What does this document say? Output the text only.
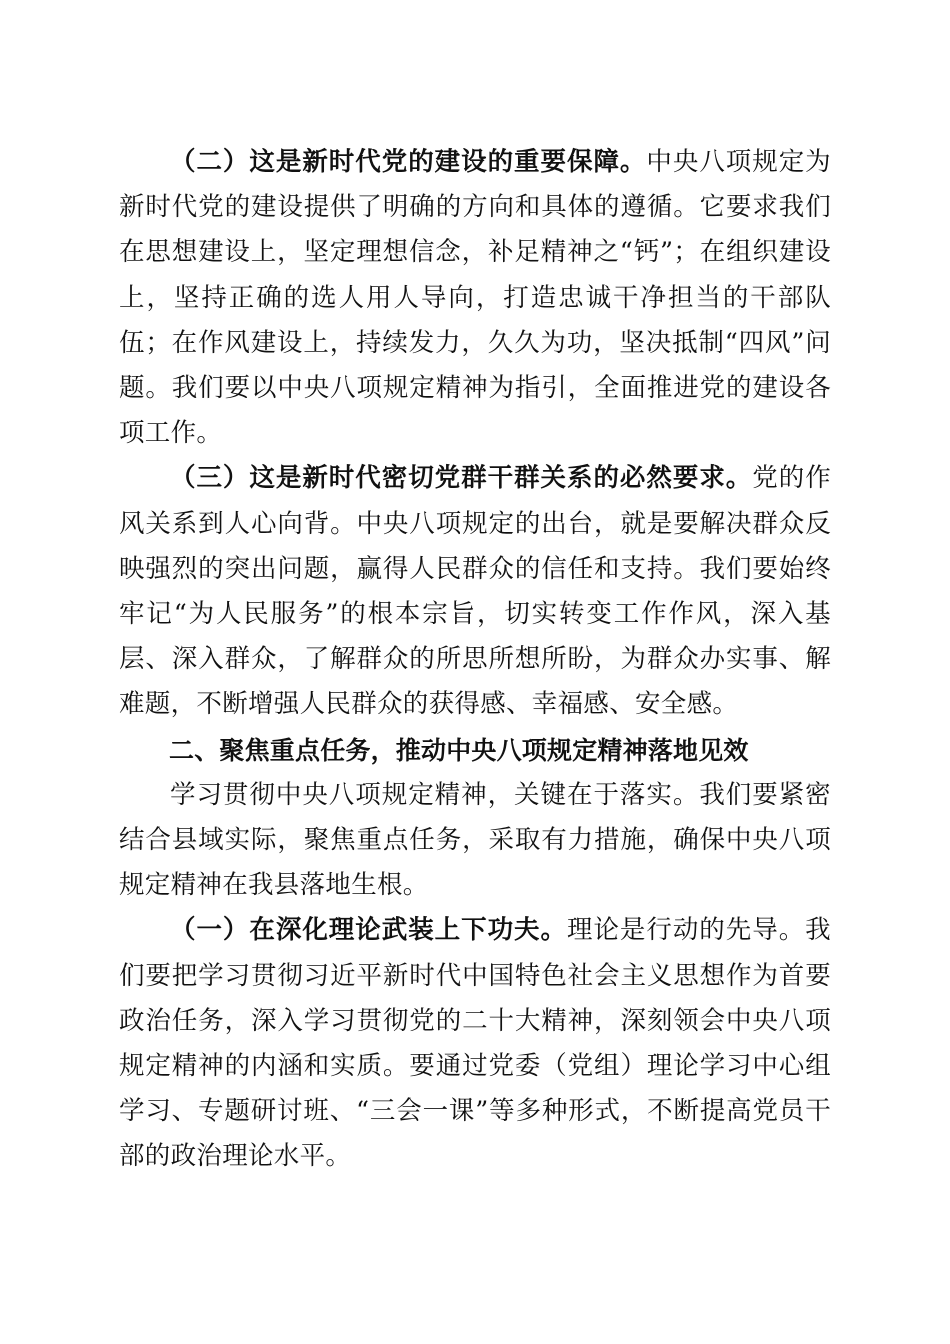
（二）这是新时代党的建设的重要保障。中央八项规定为新时代党的建设提供了明确的方向和具体的遵循。它要求我们在思想建设上，坚定理想信念，补足精神之“钙”；在组织建设上，坚持正确的选人用人导向，打造忠诚干净担当的干部队伍；在作风建设上，持续发力，久久为功，坚决抵制“四风”问题。我们要以中央八项规定精神为指引，全面推进党的建设各项工作。

（三）这是新时代密切党群干群关系的必然要求。党的作风关系到人心向背。中央八项规定的出台，就是要解决群众反映强烈的突出问题，赢得人民群众的信任和支持。我们要始终牢记“为人民服务”的根本宗旨，切实转变工作作风，深入基层、深入群众，了解群众的所思所想所盼，为群众办实事、解难题，不断增强人民群众的获得感、幸福感、安全感。

二、聚焦重点任务，推动中央八项规定精神落地见效

学习贯彻中央八项规定精神，关键在于落实。我们要紧密结合县域实际，聚焦重点任务，采取有力措施，确保中央八项规定精神在我县落地生根。

（一）在深化理论武装上下功夫。理论是行动的先导。我们要把学习贯彻习近平新时代中国特色社会主义思想作为首要政治任务，深入学习贯彻党的二十大精神，深刻领会中央八项规定精神的内涵和实质。要通过党委（党组）理论学习中心组学习、专题研讨班、“三会一课”等多种形式，不断提高党员干部的政治理论水平。
